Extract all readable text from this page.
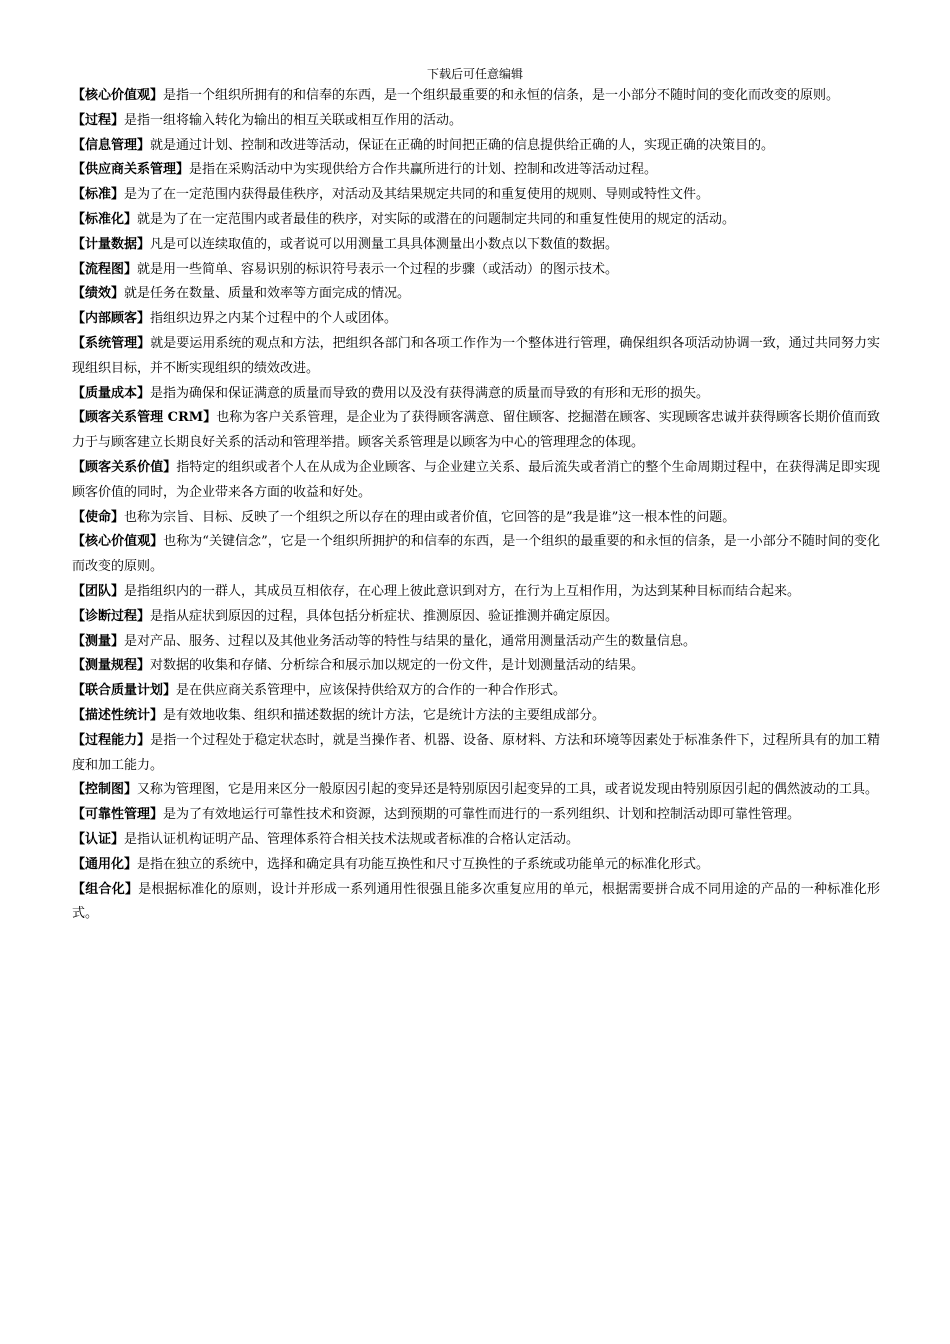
下载后可任意编辑

【核心价值观】是指一个组织所拥有的和信奉的东西，是一个组织最重要的和永恒的信条，是一小部分不随时间的变化而改变的原则。

【过程】是指一组将输入转化为输出的相互关联或相互作用的活动。

【信息管理】就是通过计划、控制和改进等活动，保证在正确的时间把正确的信息提供给正确的人，实现正确的决策目的。

【供应商关系管理】是指在采购活动中为实现供给方合作共赢所进行的计划、控制和改进等活动过程。

【标准】是为了在一定范围内获得最佳秩序，对活动及其结果规定共同的和重复使用的规则、导则或特性文件。

【标准化】就是为了在一定范围内或者最佳的秩序，对实际的或潜在的问题制定共同的和重复性使用的规定的活动。

【计量数据】凡是可以连续取值的，或者说可以用测量工具具体测量出小数点以下数值的数据。

【流程图】就是用一些简单、容易识别的标识符号表示一个过程的步骤（或活动）的图示技术。

【绩效】就是任务在数量、质量和效率等方面完成的情况。

【内部顾客】指组织边界之内某个过程中的个人或团体。

【系统管理】就是要运用系统的观点和方法，把组织各部门和各项工作作为一个整体进行管理，确保组织各项活动协调一致，通过共同努力实现组织目标，并不断实现组织的绩效改进。

【质量成本】是指为确保和保证满意的质量而导致的费用以及没有获得满意的质量而导致的有形和无形的损失。

【顾客关系管理 CRM】也称为客户关系管理，是企业为了获得顾客满意、留住顾客、挖掘潜在顾客、实现顾客忠诚并获得顾客长期价值而致力于与顾客建立长期良好关系的活动和管理举措。顾客关系管理是以顾客为中心的管理理念的体现。

【顾客关系价值】指特定的组织或者个人在从成为企业顾客、与企业建立关系、最后流失或者消亡的整个生命周期过程中，在获得满足即实现顾客价值的同时，为企业带来各方面的收益和好处。

【使命】也称为宗旨、目标、反映了一个组织之所以存在的理由或者价值，它回答的是”我是谁”这一根本性的问题。

【核心价值观】也称为“关键信念”，它是一个组织所拥护的和信奉的东西，是一个组织的最重要的和永恒的信条，是一小部分不随时间的变化而改变的原则。

【团队】是指组织内的一群人，其成员互相依存，在心理上彼此意识到对方，在行为上互相作用，为达到某种目标而结合起来。

【诊断过程】是指从症状到原因的过程，具体包括分析症状、推测原因、验证推测并确定原因。

【测量】是对产品、服务、过程以及其他业务活动等的特性与结果的量化，通常用测量活动产生的数量信息。

【测量规程】对数据的收集和存储、分析综合和展示加以规定的一份文件，是计划测量活动的结果。

【联合质量计划】是在供应商关系管理中，应该保持供给双方的合作的一种合作形式。

【描述性统计】是有效地收集、组织和描述数据的统计方法，它是统计方法的主要组成部分。

【过程能力】是指一个过程处于稳定状态时，就是当操作者、机器、设备、原材料、方法和环境等因素处于标准条件下，过程所具有的加工精度和加工能力。

【控制图】又称为管理图，它是用来区分一般原因引起的变异还是特别原因引起变异的工具，或者说发现由特别原因引起的偶然波动的工具。

【可靠性管理】是为了有效地运行可靠性技术和资源，达到预期的可靠性而进行的一系列组织、计划和控制活动即可靠性管理。

【认证】是指认证机构证明产品、管理体系符合相关技术法规或者标准的合格认定活动。

【通用化】是指在独立的系统中，选择和确定具有功能互换性和尺寸互换性的子系统或功能单元的标准化形式。

【组合化】是根据标准化的原则，设计并形成一系列通用性很强且能多次重复应用的单元，根据需要拼合成不同用途的产品的一种标准化形式。
